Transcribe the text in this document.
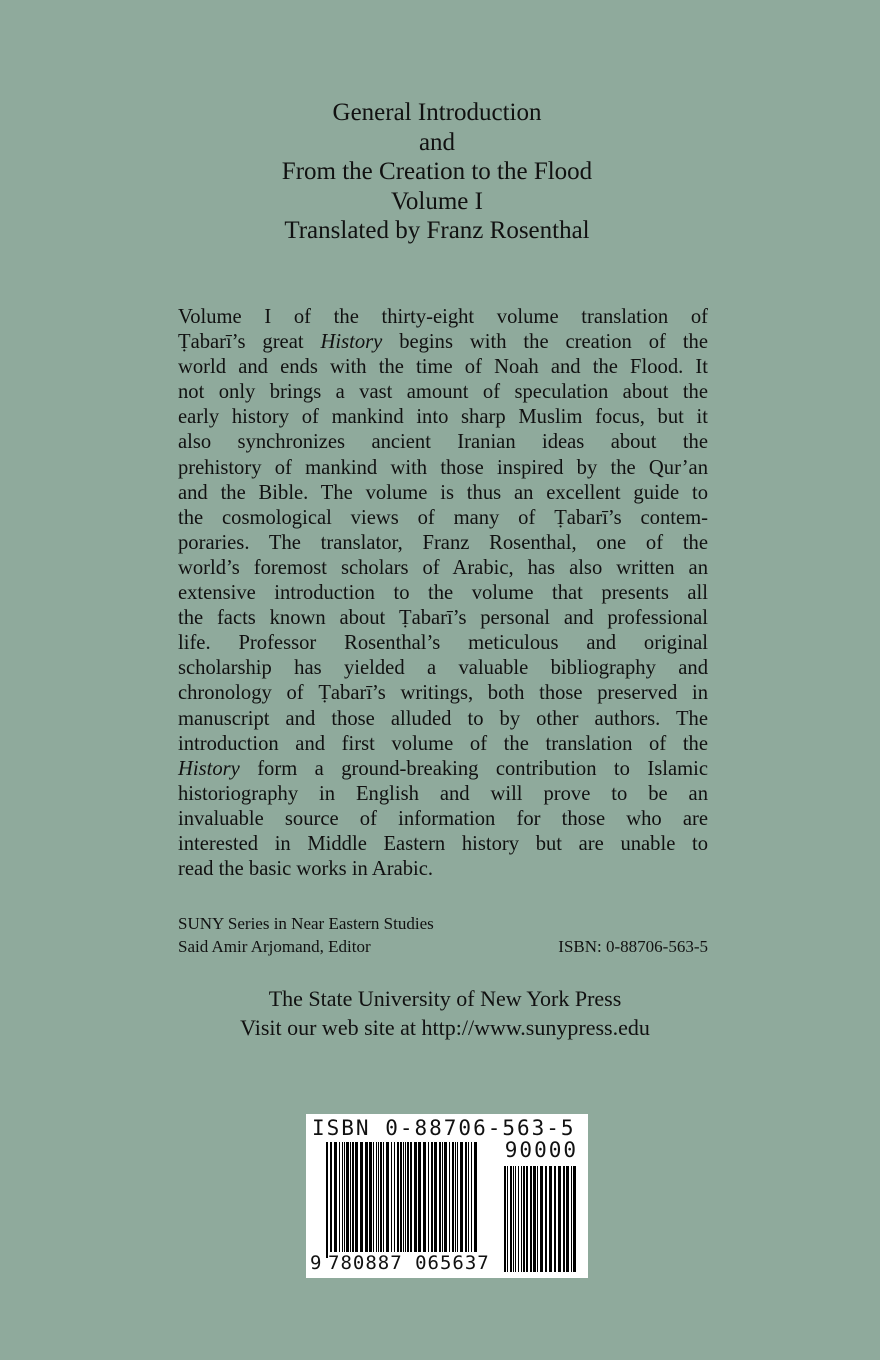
General Introduction
and
From the Creation to the Flood
Volume I
Translated by Franz Rosenthal
Volume I of the thirty-eight volume translation of
Ṭabarī’s great History begins with the creation of the
world and ends with the time of Noah and the Flood. It
not only brings a vast amount of speculation about the
early history of mankind into sharp Muslim focus, but it
also synchronizes ancient Iranian ideas about the
prehistory of mankind with those inspired by the Qur’an
and the Bible. The volume is thus an excellent guide to
the cosmological views of many of Ṭabarī’s contem-
poraries. The translator, Franz Rosenthal, one of the
world’s foremost scholars of Arabic, has also written an
extensive introduction to the volume that presents all
the facts known about Ṭabarī’s personal and professional
life. Professor Rosenthal’s meticulous and original
scholarship has yielded a valuable bibliography and
chronology of Ṭabarī’s writings, both those preserved in
manuscript and those alluded to by other authors. The
introduction and first volume of the translation of the
History form a ground-breaking contribution to Islamic
historiography in English and will prove to be an
invaluable source of information for those who are
interested in Middle Eastern history but are unable to
read the basic works in Arabic.
SUNY Series in Near Eastern Studies
Said Amir Arjomand, Editor	ISBN: 0-88706-563-5
The State University of New York Press
Visit our web site at http://www.sunypress.edu
ISBN 0-88706-563-5
90000
9 780887 065637
